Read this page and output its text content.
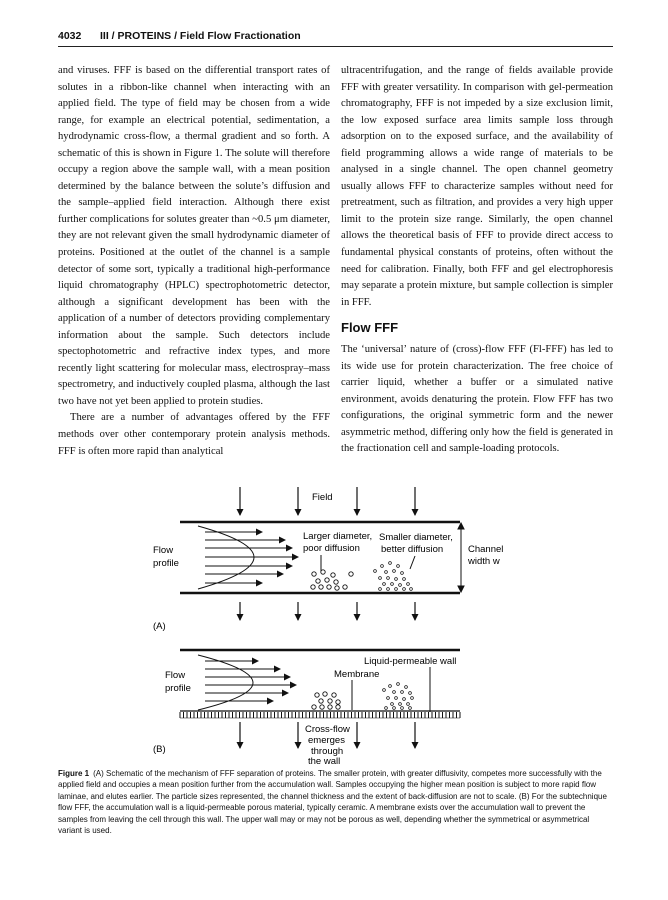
4032 III / PROTEINS / Field Flow Fractionation

and viruses. FFF is based on the differential transport rates of solutes in a ribbon-like channel when interacting with an applied field. The type of field may be chosen from a wide range, for example an electrical potential, sedimentation, a hydrodynamic cross-flow, a thermal gradient and so forth. A schematic of this is shown in Figure 1. The solute will therefore occupy a region above the sample wall, with a mean position determined by the balance between the solute’s diffusion and the sample–applied field interaction. Although there exist further complications for solutes greater than ~0.5 μm diameter, they are not relevant given the small hydrodynamic diameter of proteins. Positioned at the outlet of the channel is a sample detector of some sort, typically a traditional high-performance liquid chromatography (HPLC) spectrophotometric detector, although a significant development has been with the application of a number of detectors providing complementary information about the sample. Such detectors include spectophotometric and refractive index types, and more recently light scattering for molecular mass, electrospray–mass spectrometry, and inductively coupled plasma, although the last two have not yet been applied to protein studies.

There are a number of advantages offered by the FFF methods over other contemporary protein analysis methods. FFF is often more rapid than analytical

ultracentrifugation, and the range of fields available provide FFF with greater versatility. In comparison with gel-permeation chromatography, FFF is not impeded by a size exclusion limit, the low exposed surface area limits sample loss through adsorption on to the exposed surface, and the availability of field programming allows a wide range of materials to be analysed in a single channel. The open channel geometry usually allows FFF to characterize samples without need for pretreatment, such as filtration, and provides a very high upper limit to the protein size range. Similarly, the open channel allows the theoretical basis of FFF to provide direct access to fundamental physical constants of proteins, often without the need for calibration. Finally, both FFF and gel electrophoresis may separate a protein mixture, but sample collection is simpler in FFF.

Flow FFF

The ‘universal’ nature of (cross)-flow FFF (Fl-FFF) has led to its wide use for protein characterization. The free choice of carrier liquid, whether a buffer or a simulated native environment, avoids denaturing the protein. Flow FFF has two configurations, the original symmetric form and the newer asymmetric method, differing only how the field is generated in the fractionation cell and sample-loading protocols.

Field
Flow
profile
Larger diameter,
poor diffusion
Smaller diameter,
better diffusion	Channel
width w
(A)
Flow
profile
Liquid-permeable wall
Membrane
Cross-flow
emerges
through
the wall
(B)
Figure 1 (A) Schematic of the mechanism of FFF separation of proteins. The smaller protein, with greater diffusivity, competes more successfully with the applied field and occupies a mean position further from the accumulation wall. Samples occupying the higher mean position is subject to more rapid flow laminae, and elutes earlier. The particle sizes represented, the channel thickness and the extent of back-diffusion are not to scale. (B) For the subtechnique flow FFF, the accumulation wall is a liquid-permeable porous material, typically ceramic. A membrane exists over the accumulation wall to prevent the samples from leaving the cell through this wall. The upper wall may or may not be porous as well, depending whether the symmetrical or asymmetrical variant is used.
